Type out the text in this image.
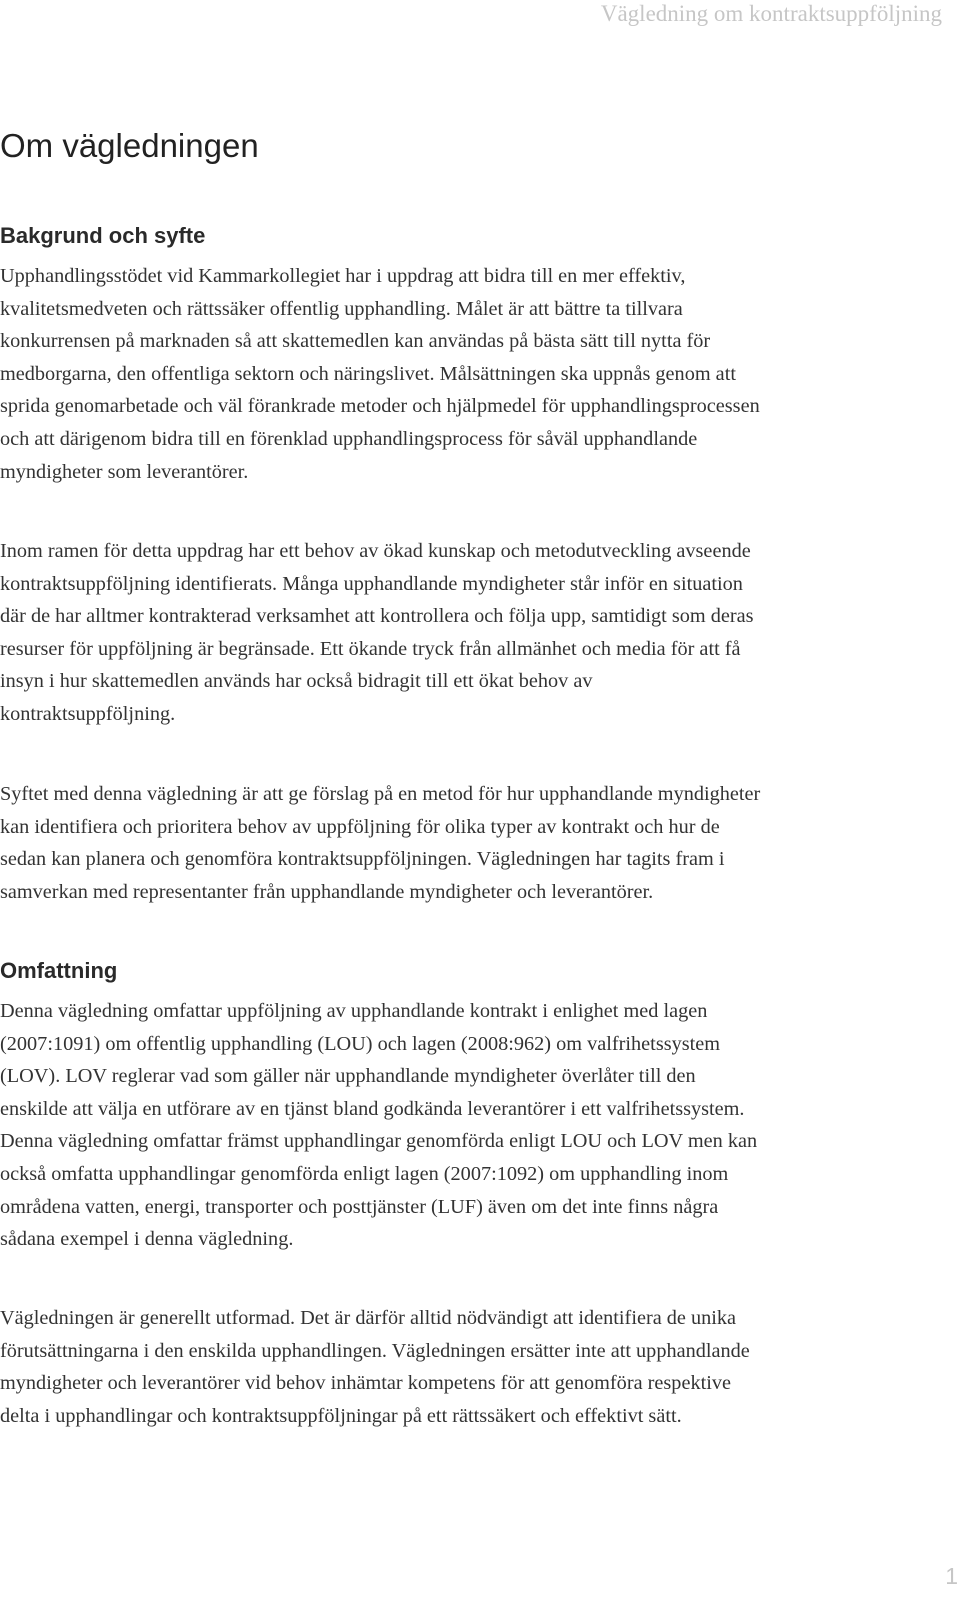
Vägledning om kontraktsuppföljning
Om vägledningen
Bakgrund och syfte

Upphandlingsstödet vid Kammarkollegiet har i uppdrag att bidra till en mer effektiv,
kvalitetsmedveten och rättssäker offentlig upphandling. Målet är att bättre ta tillvara
konkurrensen på marknaden så att skattemedlen kan användas på bästa sätt till nytta för
medborgarna, den offentliga sektorn och näringslivet. Målsättningen ska uppnås genom att
sprida genomarbetade och väl förankrade metoder och hjälpmedel för upphandlingsprocessen
och att därigenom bidra till en förenklad upphandlingsprocess för såväl upphandlande
myndigheter som leverantörer.

Inom ramen för detta uppdrag har ett behov av ökad kunskap och metodutveckling avseende
kontraktsuppföljning identifierats. Många upphandlande myndigheter står inför en situation
där de har alltmer kontrakterad verksamhet att kontrollera och följa upp, samtidigt som deras
resurser för uppföljning är begränsade. Ett ökande tryck från allmänhet och media för att få
insyn i hur skattemedlen används har också bidragit till ett ökat behov av
kontraktsuppföljning.

Syftet med denna vägledning är att ge förslag på en metod för hur upphandlande myndigheter
kan identifiera och prioritera behov av uppföljning för olika typer av kontrakt och hur de
sedan kan planera och genomföra kontraktsuppföljningen. Vägledningen har tagits fram i
samverkan med representanter från upphandlande myndigheter och leverantörer.

Omfattning

Denna vägledning omfattar uppföljning av upphandlande kontrakt i enlighet med lagen
(2007:1091) om offentlig upphandling (LOU) och lagen (2008:962) om valfrihetssystem
(LOV). LOV reglerar vad som gäller när upphandlande myndigheter överlåter till den
enskilde att välja en utförare av en tjänst bland godkända leverantörer i ett valfrihetssystem.
Denna vägledning omfattar främst upphandlingar genomförda enligt LOU och LOV men kan
också omfatta upphandlingar genomförda enligt lagen (2007:1092) om upphandling inom
områdena vatten, energi, transporter och posttjänster (LUF) även om det inte finns några
sådana exempel i denna vägledning.

Vägledningen är generellt utformad. Det är därför alltid nödvändigt att identifiera de unika
förutsättningarna i den enskilda upphandlingen. Vägledningen ersätter inte att upphandlande
myndigheter och leverantörer vid behov inhämtar kompetens för att genomföra respektive
delta i upphandlingar och kontraktsuppföljningar på ett rättssäkert och effektivt sätt.

1
